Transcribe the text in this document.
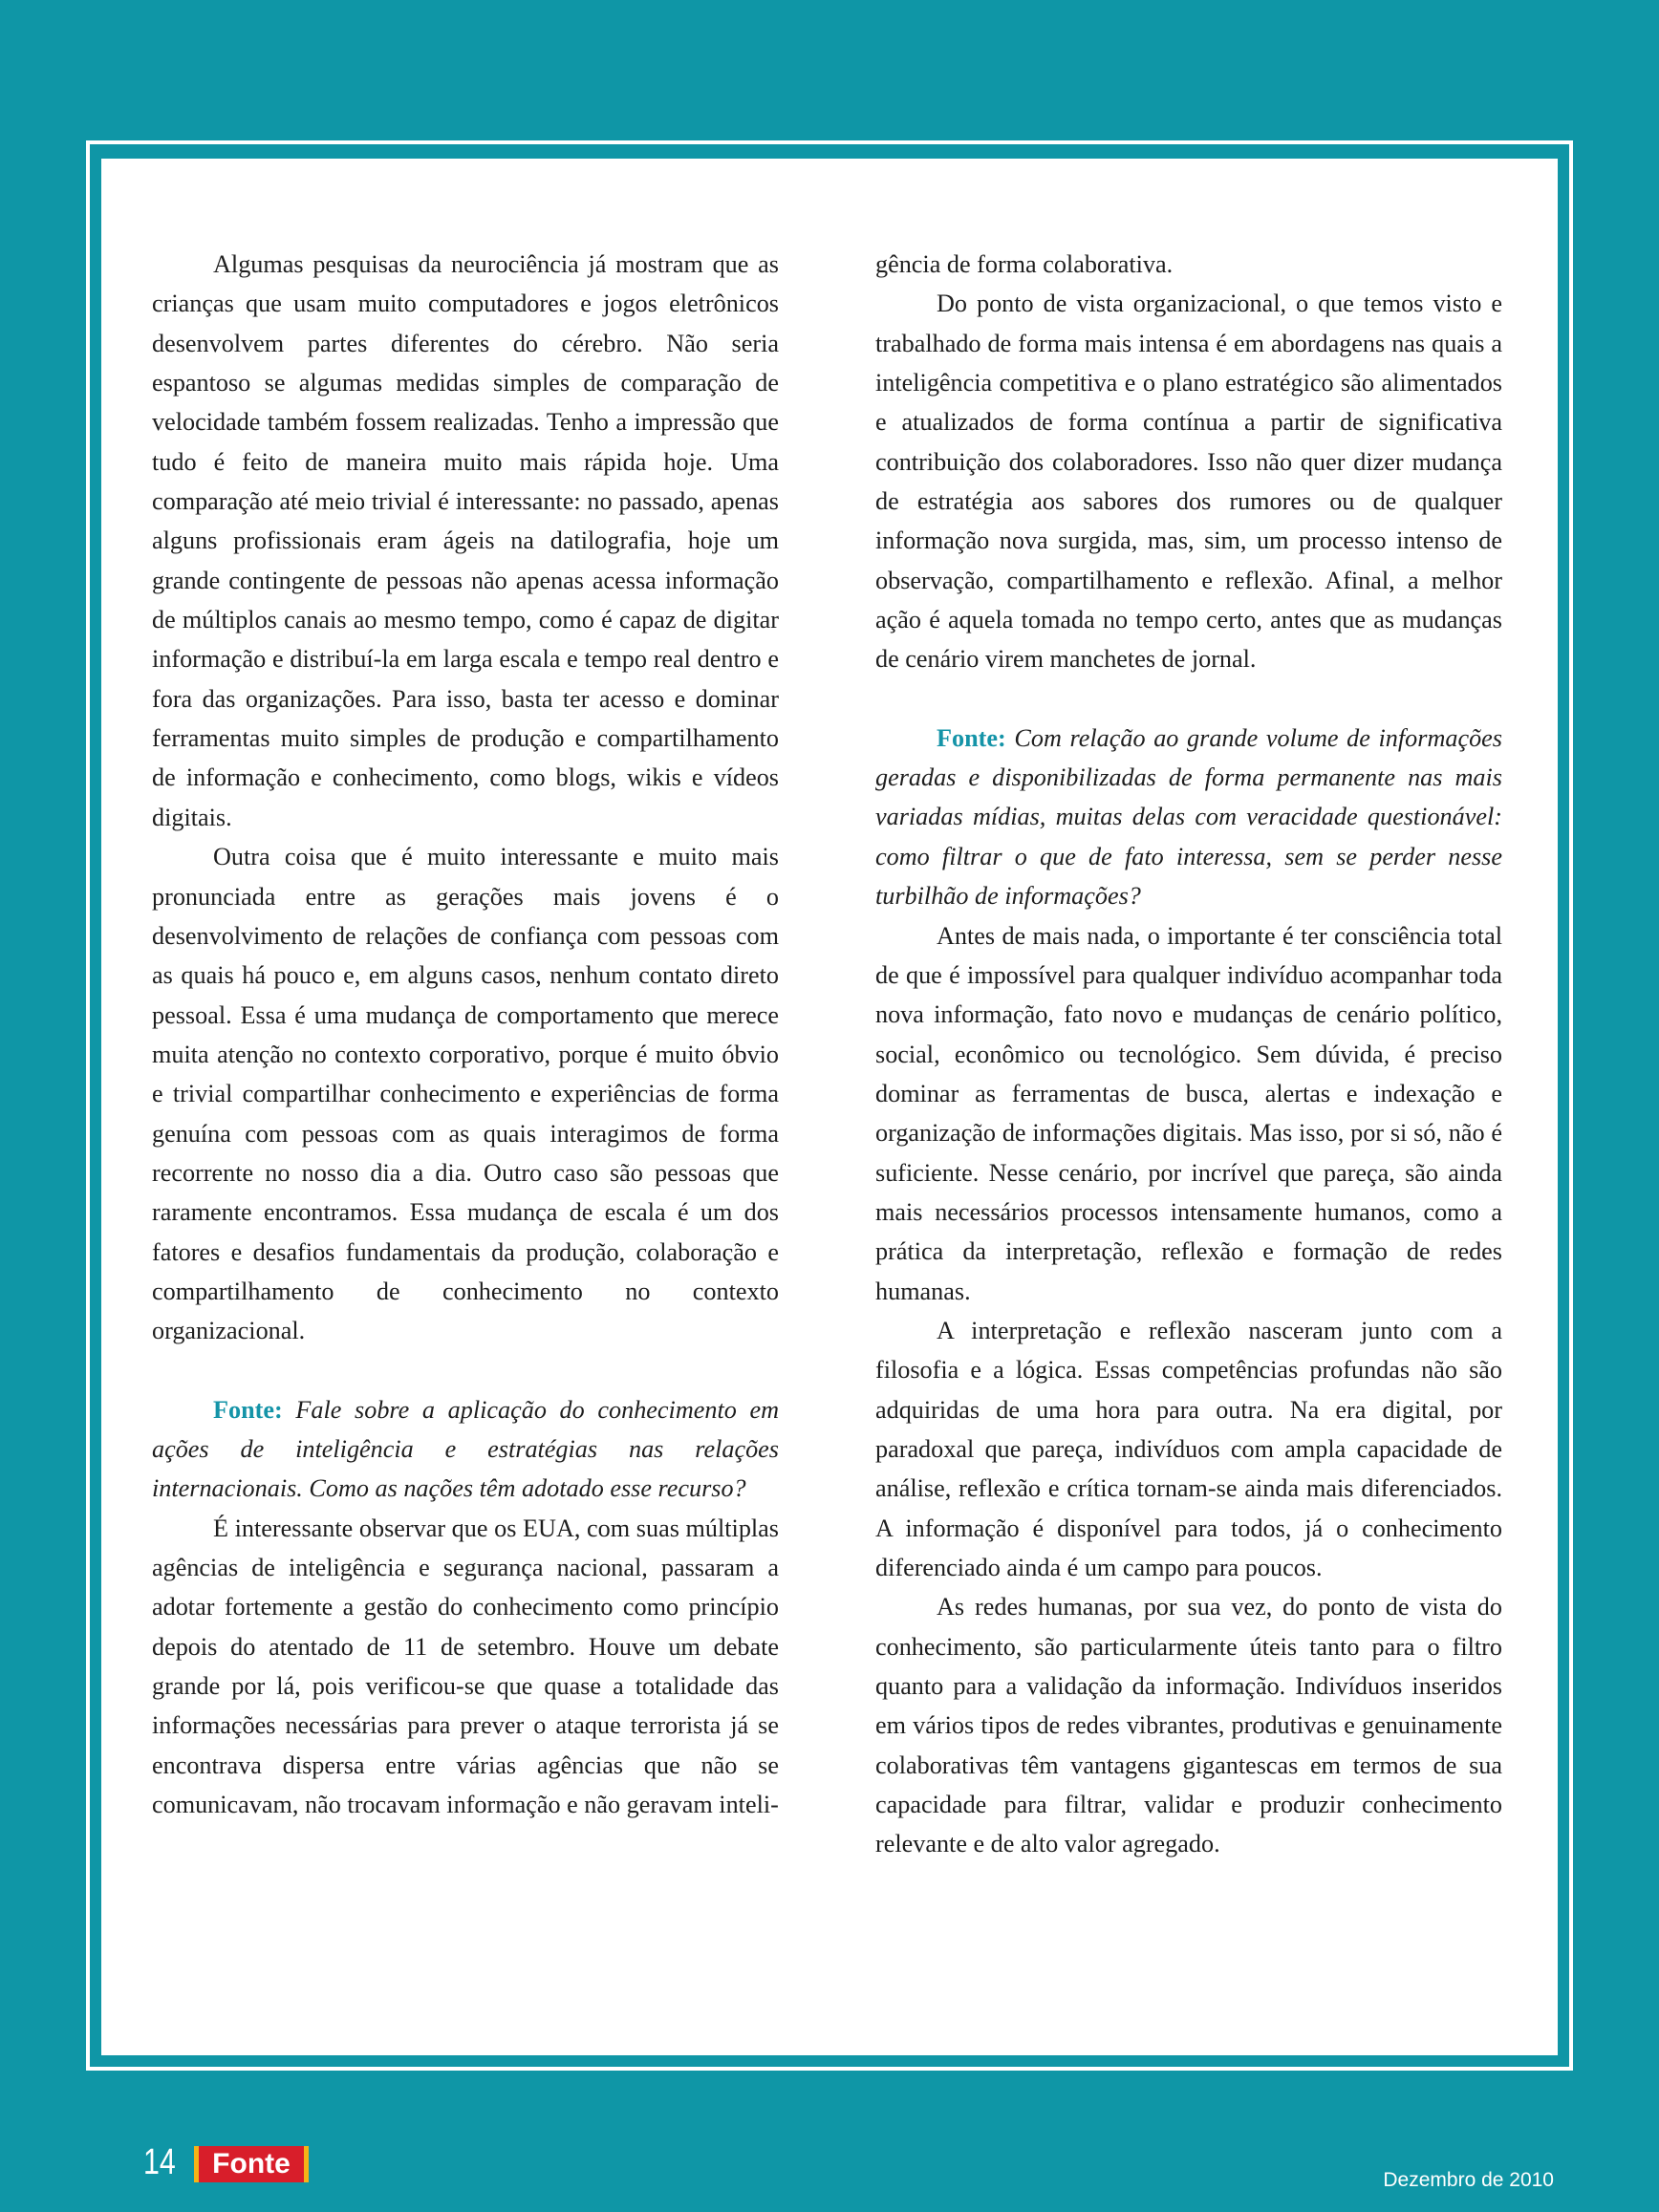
Algumas pesquisas da neurociência já mostram que as crianças que usam muito computadores e jogos eletrônicos desenvolvem partes diferentes do cérebro. Não seria espantoso se algumas medidas simples de comparação de velocidade também fossem realizadas. Tenho a impressão que tudo é feito de maneira muito mais rápida hoje. Uma comparação até meio trivial é interessante: no passado, apenas alguns profissionais eram ágeis na datilografia, hoje um grande contingente de pessoas não apenas acessa informação de múltiplos canais ao mesmo tempo, como é capaz de digitar informação e distribuí-la em larga escala e tempo real dentro e fora das organizações. Para isso, basta ter acesso e dominar ferramentas muito simples de produção e compartilhamento de informação e conhecimento, como blogs, wikis e vídeos digitais.

Outra coisa que é muito interessante e muito mais pronunciada entre as gerações mais jovens é o desenvolvimento de relações de confiança com pessoas com as quais há pouco e, em alguns casos, nenhum contato direto pessoal. Essa é uma mudança de comportamento que merece muita atenção no contexto corporativo, porque é muito óbvio e trivial compartilhar conhecimento e experiências de forma genuína com pessoas com as quais interagimos de forma recorrente no nosso dia a dia. Outro caso são pessoas que raramente encontramos. Essa mudança de escala é um dos fatores e desafios fundamentais da produção, colaboração e compartilhamento de conhecimento no contexto organizacional.

Fonte: Fale sobre a aplicação do conhecimento em ações de inteligência e estratégias nas relações internacionais. Como as nações têm adotado esse recurso?

É interessante observar que os EUA, com suas múltiplas agências de inteligência e segurança nacional, passaram a adotar fortemente a gestão do conhecimento como princípio depois do atentado de 11 de setembro. Houve um debate grande por lá, pois verificou-se que quase a totalidade das informações necessárias para prever o ataque terrorista já se encontrava dispersa entre várias agências que não se comunicavam, não trocavam informação e não geravam inteli-

gência de forma colaborativa.

Do ponto de vista organizacional, o que temos visto e trabalhado de forma mais intensa é em abordagens nas quais a inteligência competitiva e o plano estratégico são alimentados e atualizados de forma contínua a partir de significativa contribuição dos colaboradores. Isso não quer dizer mudança de estratégia aos sabores dos rumores ou de qualquer informação nova surgida, mas, sim, um processo intenso de observação, compartilhamento e reflexão. Afinal, a melhor ação é aquela tomada no tempo certo, antes que as mudanças de cenário virem manchetes de jornal.

Fonte: Com relação ao grande volume de informações geradas e disponibilizadas de forma permanente nas mais variadas mídias, muitas delas com veracidade questionável: como filtrar o que de fato interessa, sem se perder nesse turbilhão de informações?

Antes de mais nada, o importante é ter consciência total de que é impossível para qualquer indivíduo acompanhar toda nova informação, fato novo e mudanças de cenário político, social, econômico ou tecnológico. Sem dúvida, é preciso dominar as ferramentas de busca, alertas e indexação e organização de informações digitais. Mas isso, por si só, não é suficiente. Nesse cenário, por incrível que pareça, são ainda mais necessários processos intensamente humanos, como a prática da interpretação, reflexão e formação de redes humanas.

A interpretação e reflexão nasceram junto com a filosofia e a lógica. Essas competências profundas não são adquiridas de uma hora para outra. Na era digital, por paradoxal que pareça, indivíduos com ampla capacidade de análise, reflexão e crítica tornam-se ainda mais diferenciados. A informação é disponível para todos, já o conhecimento diferenciado ainda é um campo para poucos.

As redes humanas, por sua vez, do ponto de vista do conhecimento, são particularmente úteis tanto para o filtro quanto para a validação da informação. Indivíduos inseridos em vários tipos de redes vibrantes, produtivas e genuinamente colaborativas têm vantagens gigantescas em termos de sua capacidade para filtrar, validar e produzir conhecimento relevante e de alto valor agregado.

14 Fonte
Dezembro de 2010
